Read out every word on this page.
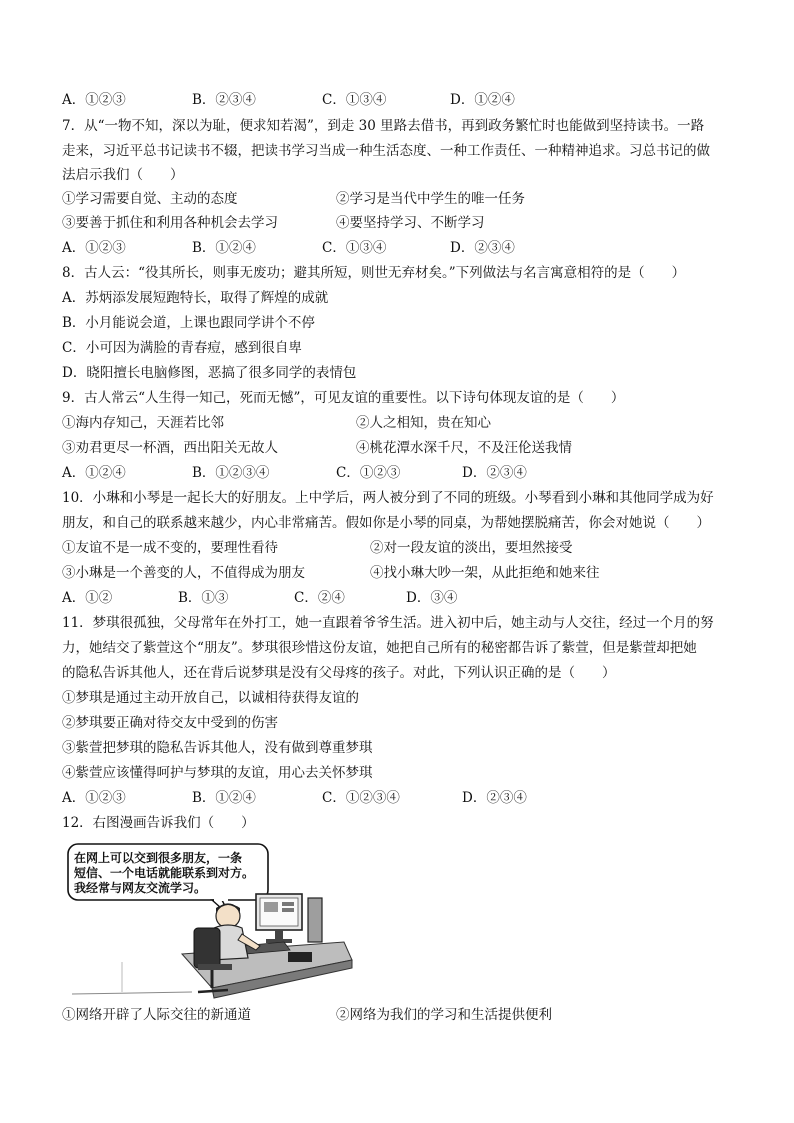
A．①②③	B．②③④	C．①③④	D．①②④
7．从“一物不知，深以为耻，便求知若渴”，到走 30 里路去借书，再到政务繁忙时也能做到坚持读书。一路
走来，习近平总书记读书不辍，把读书学习当成一种生活态度、一种工作责任、一种精神追求。习总书记的做
法启示我们（　　）
①学习需要自觉、主动的态度	②学习是当代中学生的唯一任务
③要善于抓住和利用各种机会去学习	④要坚持学习、不断学习
A．①②③	B．①②④	C．①③④	D．②③④
8．古人云：“役其所长，则事无废功；避其所短，则世无弃材矣。”下列做法与名言寓意相符的是（　　）
A．苏炳添发展短跑特长，取得了辉煌的成就
B．小月能说会道，上课也跟同学讲个不停
C．小可因为满脸的青春痘，感到很自卑
D．晓阳擅长电脑修图，恶搞了很多同学的表情包
9．古人常云“人生得一知己，死而无憾”，可见友谊的重要性。以下诗句体现友谊的是（　　）
①海内存知己，天涯若比邻	②人之相知，贵在知心
③劝君更尽一杯酒，西出阳关无故人	④桃花潭水深千尺，不及汪伦送我情
A．①②④	B．①②③④	C．①②③	D．②③④
10．小琳和小琴是一起长大的好朋友。上中学后，两人被分到了不同的班级。小琴看到小琳和其他同学成为好
朋友，和自己的联系越来越少，内心非常痛苦。假如你是小琴的同桌，为帮她摆脱痛苦，你会对她说（　　）
①友谊不是一成不变的，要理性看待	②对一段友谊的淡出，要坦然接受
③小琳是一个善变的人，不值得成为朋友	④找小琳大吵一架，从此拒绝和她来往
A．①②	B．①③	C．②④	D．③④
11．梦琪很孤独，父母常年在外打工，她一直跟着爷爷生活。进入初中后，她主动与人交往，经过一个月的努
力，她结交了紫萱这个“朋友”。梦琪很珍惜这份友谊，她把自己所有的秘密都告诉了紫萱，但是紫萱却把她
的隐私告诉其他人，还在背后说梦琪是没有父母疼的孩子。对此，下列认识正确的是（　　）
①梦琪是通过主动开放自己，以诚相待获得友谊的
②梦琪要正确对待交友中受到的伤害
③紫萱把梦琪的隐私告诉其他人，没有做到尊重梦琪
④紫萱应该懂得呵护与梦琪的友谊，用心去关怀梦琪
A．①②③	B．①②④	C．①②③④	D．②③④
12．右图漫画告诉我们（　　）
在网上可以交到很多朋友，一条
短信、一个电话就能联系到对方。
我经常与网友交流学习。
①网络开辟了人际交往的新通道	②网络为我们的学习和生活提供便利
